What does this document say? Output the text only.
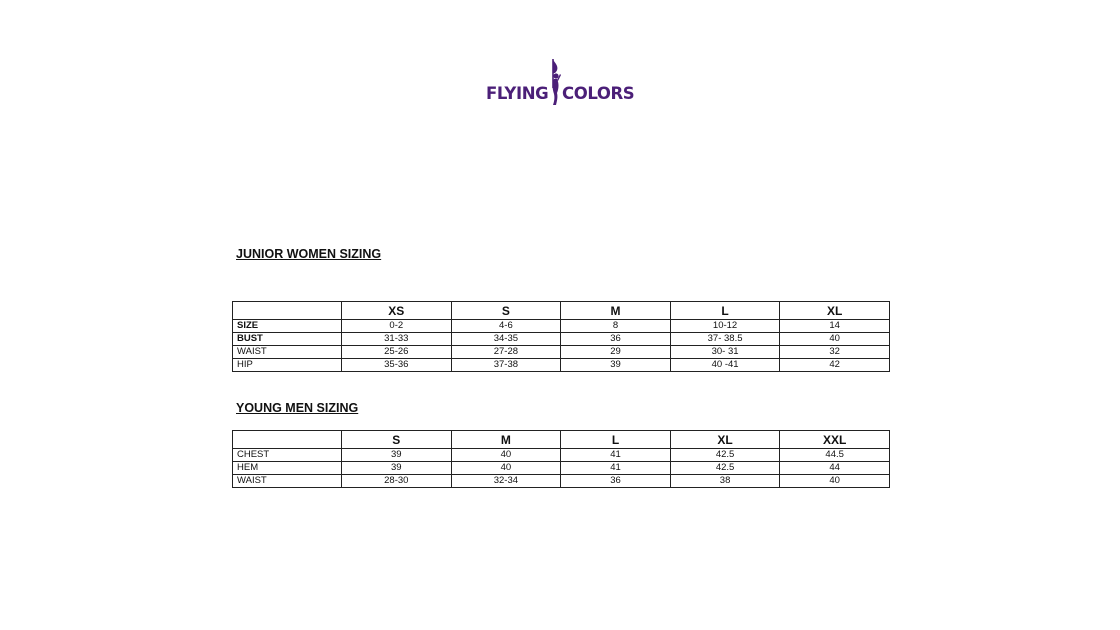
FLYING COLORS
JUNIOR WOMEN SIZING
	XS	S	M	L	XL
SIZE	0-2	4-6	8	10-12	14
BUST	31-33	34-35	36	37- 38.5	40
WAIST	25-26	27-28	29	30- 31	32
HIP	35-36	37-38	39	40 -41	42
YOUNG MEN SIZING
	S	M	L	XL	XXL
CHEST	39	40	41	42.5	44.5
HEM	39	40	41	42.5	44
WAIST	28-30	32-34	36	38	40
